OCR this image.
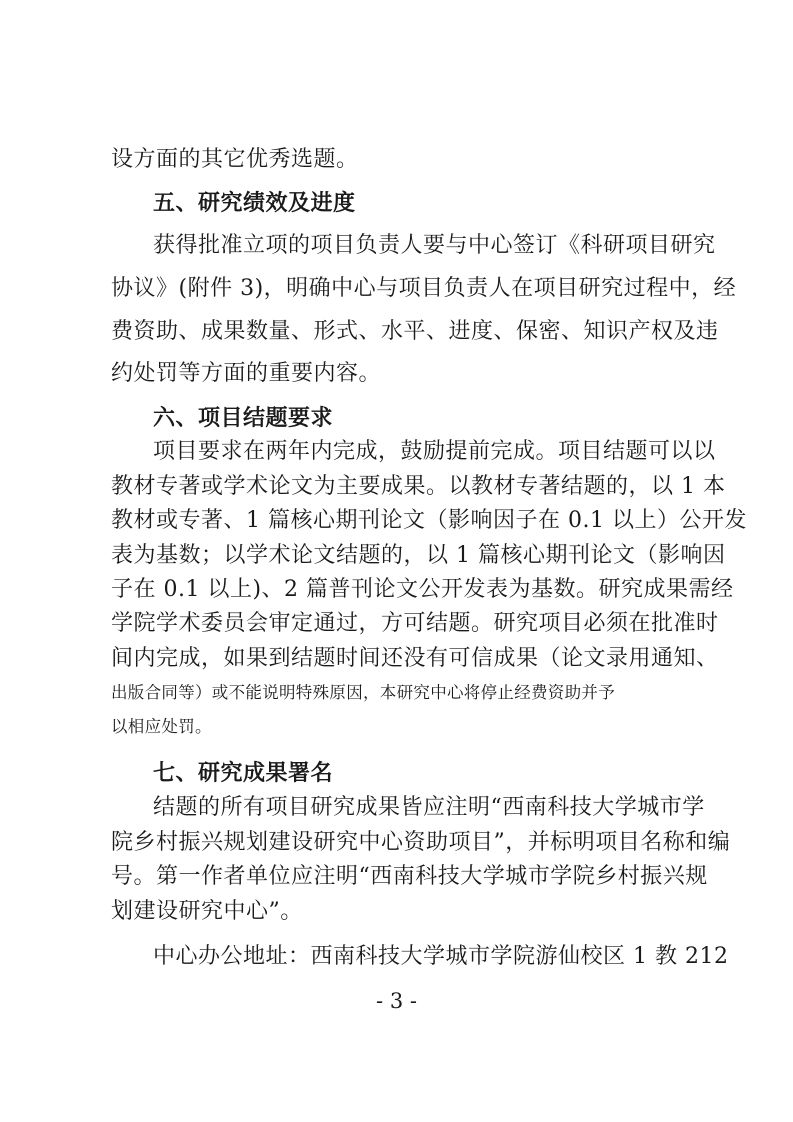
设方面的其它优秀选题。

五、研究绩效及进度

获得批准立项的项目负责人要与中心签订《科研项目研究

协议》(附件 3)，明确中心与项目负责人在项目研究过程中，经

费资助、成果数量、形式、水平、进度、保密、知识产权及违

约处罚等方面的重要内容。

六、项目结题要求

项目要求在两年内完成，鼓励提前完成。项目结题可以以

教材专著或学术论文为主要成果。以教材专著结题的，以 1 本

教材或专著、1 篇核心期刊论文（影响因子在 0.1 以上）公开发

表为基数；以学术论文结题的，以 1 篇核心期刊论文（影响因

子在 0.1 以上)、2 篇普刊论文公开发表为基数。研究成果需经

学院学术委员会审定通过，方可结题。研究项目必须在批准时

间内完成，如果到结题时间还没有可信成果（论文录用通知、

出版合同等）或不能说明特殊原因，本研究中心将停止经费资助并予

以相应处罚。

七、研究成果署名

结题的所有项目研究成果皆应注明“西南科技大学城市学

院乡村振兴规划建设研究中心资助项目”，并标明项目名称和编

号。第一作者单位应注明“西南科技大学城市学院乡村振兴规

划建设研究中心”。

中心办公地址：西南科技大学城市学院游仙校区 1 教 212

- 3 -
